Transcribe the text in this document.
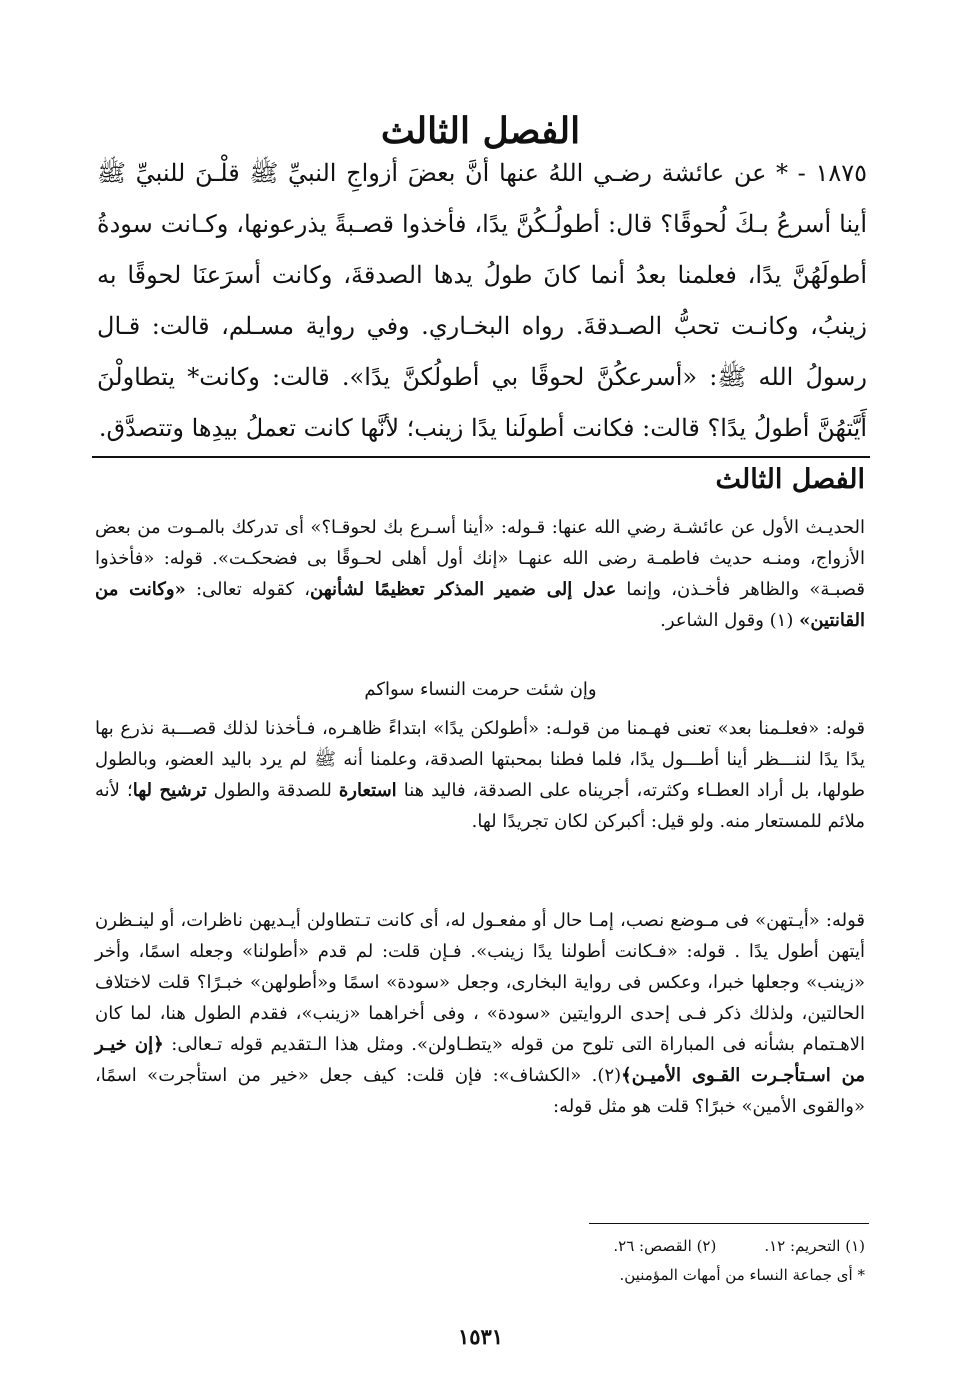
الفصل الثالث

١٨٧٥ - * عن عائشة رضـي اللهُ عنها أنَّ بعضَ أزواجِ النبيِّ ﷺ قلْـنَ للنبيِّ ﷺ أينا أسرعُ بـكَ لُحوقًا؟ قال: أطولُـكُنَّ يدًا، فأخذوا قصـبةً يذرعونها، وكـانت سودةُ أطولَهُنَّ يدًا، فعلمنا بعدُ أنما كانَ طولُ يدها الصدقةَ، وكانت أسرَعنَا لحوقًا به زينبُ، وكانـت تحبُّ الصـدقةَ. رواه البخـاري. وفي رواية مسـلم، قالت: قـال رسولُ الله ﷺ: «أسرعكُنَّ لحوقًا بي أطولُكنَّ يدًا». قالت: وكانت* يتطاولْنَ أَيَّتهُنَّ أطولُ يدًا؟ قالت: فكانت أطولَنا يدًا زينب؛ لأنَّها كانت تعملُ بيدِها وتتصدَّق.

الفصل الثالث

الحديـث الأول عن عائشـة رضي الله عنها: قـوله: «أينا أسـرع بك لحوقـا؟» أى تدركك بالمـوت من بعض الأزواج، ومنـه حديث فاطمـة رضى الله عنهـا «إنك أول أهلى لحـوقًا بى فضحكـت». قوله: «فأخذوا قصبـة» والظاهر فأخـذن، وإنما عدل إلى ضمير المذكر تعظيمًا لشأنهن، كقوله تعالى: «وكانت من القانتين» (١) وقول الشاعر.

وإن شئت حرمت النساء سواكم

قوله: «فعلـمنا بعد» تعنى فهـمنا من قولـه: «أطولكن يدًا» ابتداءً ظاهـره، فـأخذنا لذلك قصـــبة نذرع بها يدًا يدًا لننـــظر أينا أطـــول يدًا، فلما فطنا بمحبتها الصدقة، وعلمنا أنه ﷺ لم يرد باليد العضو، وبالطول طولها، بل أراد العطـاء وكثرته، أجريناه على الصدقة، فاليد هنا استعارة للصدقة والطول ترشيح لها؛ لأنه ملائم للمستعار منه. ولو قيل: أكبركن لكان تجريدًا لها.

قوله: «أيـتهن» فى مـوضع نصب، إمـا حال أو مفعـول له، أى كانت تـتطاولن أيـديهن ناظرات، أو لينـظرن أيتهن أطول يدًا . قوله: «فـكانت أطولنا يدًا زينب». فـإن قلت: لم قدم «أطولنا» وجعله اسمًا، وأخر «زينب» وجعلها خبرا، وعكس فى رواية البخارى، وجعل «سودة» اسمًا و«أطولهن» خبـرًا؟ قلت لاختلاف الحالتين، ولذلك ذكر فـى إحدى الروايتين «سودة» ، وفى أخراهما «زينب»، فقدم الطول هنا، لما كان الاهـتمام بشأنه فى المباراة التى تلوح من قوله «يتطـاولن». ومثل هذا الـتقديم قوله تـعالى: ﴿إن خيـر من اسـتأجـرت القـوى الأميـن﴾(٢). «الكشاف»: فإن قلت: كيف جعل «خير من استأجرت» اسمًا، «والقوى الأمين» خبرًا؟ قلت هو مثل قوله:

(١) التحريم: ١٢.(٢) القصص: ٢٦.
* أى جماعة النساء من أمهات المؤمنين.
١٥٣١
